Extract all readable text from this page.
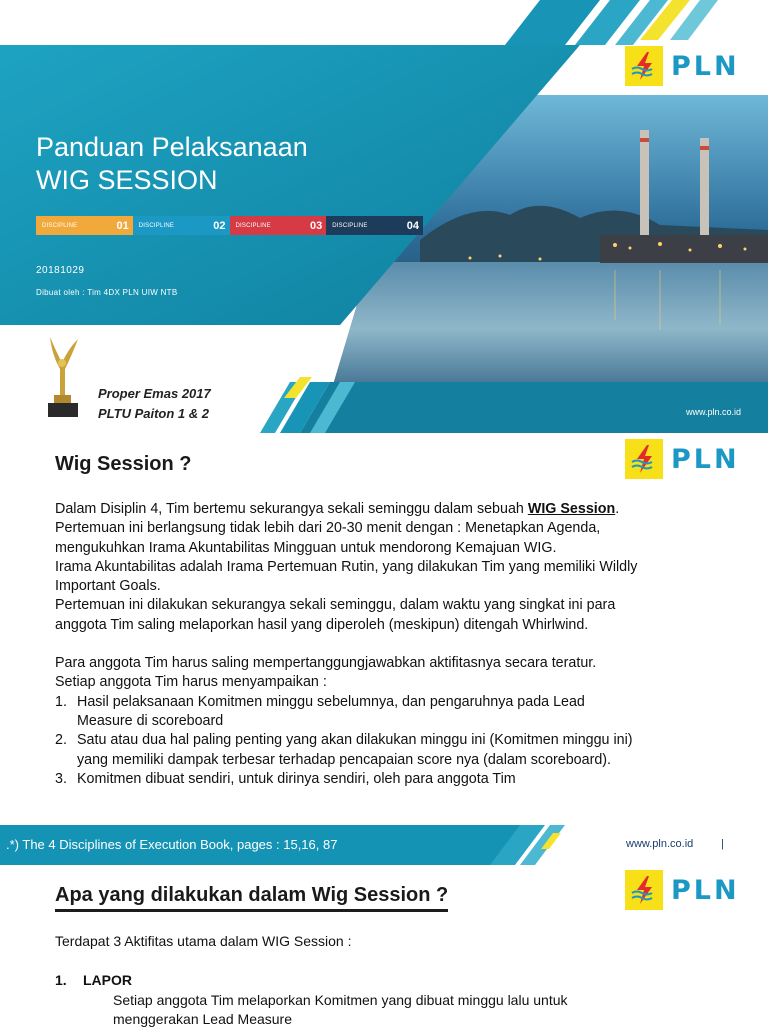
PLN
Panduan Pelaksanaan
WIG SESSION
DISCIPLINE	01 DISCIPLINE	02 DISCIPLINE	03 DISCIPLINE	04
20181029
Dibuat oleh : Tim 4DX PLN UIW NTB
Proper Emas 2017
PLTU Paiton 1 & 2	www.pln.co.id
PLN
Wig Session ?

Dalam Disiplin 4, Tim bertemu sekurangya sekali seminggu dalam sebuah WIG Session.

Pertemuan ini berlangsung tidak lebih dari 20-30 menit dengan : Menetapkan Agenda,

mengukuhkan Irama Akuntabilitas Mingguan untuk mendorong Kemajuan WIG.

Irama Akuntabilitas adalah Irama Pertemuan Rutin, yang dilakukan Tim yang memiliki Wildly

Important Goals.

Pertemuan ini dilakukan sekurangya sekali seminggu, dalam waktu yang singkat ini para

anggota Tim saling melaporkan hasil yang diperoleh (meskipun) ditengah Whirlwind.

Para anggota Tim harus saling mempertanggungjawabkan aktifitasnya secara teratur.

Setiap anggota Tim harus menyampaikan :

1. Hasil pelaksanaan Komitmen minggu sebelumnya, dan pengaruhnya pada Lead
Measure di scoreboard
2. Satu atau dua hal paling penting yang akan dilakukan minggu ini (Komitmen minggu ini)
yang memiliki dampak terbesar terhadap pencapaian score nya (dalam scoreboard).
3. Komitmen dibuat sendiri, untuk dirinya sendiri, oleh para anggota Tim
.*) The 4 Disciplines of Execution Book, pages : 15,16, 87	www.pln.co.id	|
PLN
Apa yang dilakukan dalam Wig Session ?
Terdapat 3 Aktifitas utama dalam WIG Session :
1. LAPOR
Setiap anggota Tim melaporkan Komitmen yang dibuat minggu lalu untuk
menggerakan Lead Measure
